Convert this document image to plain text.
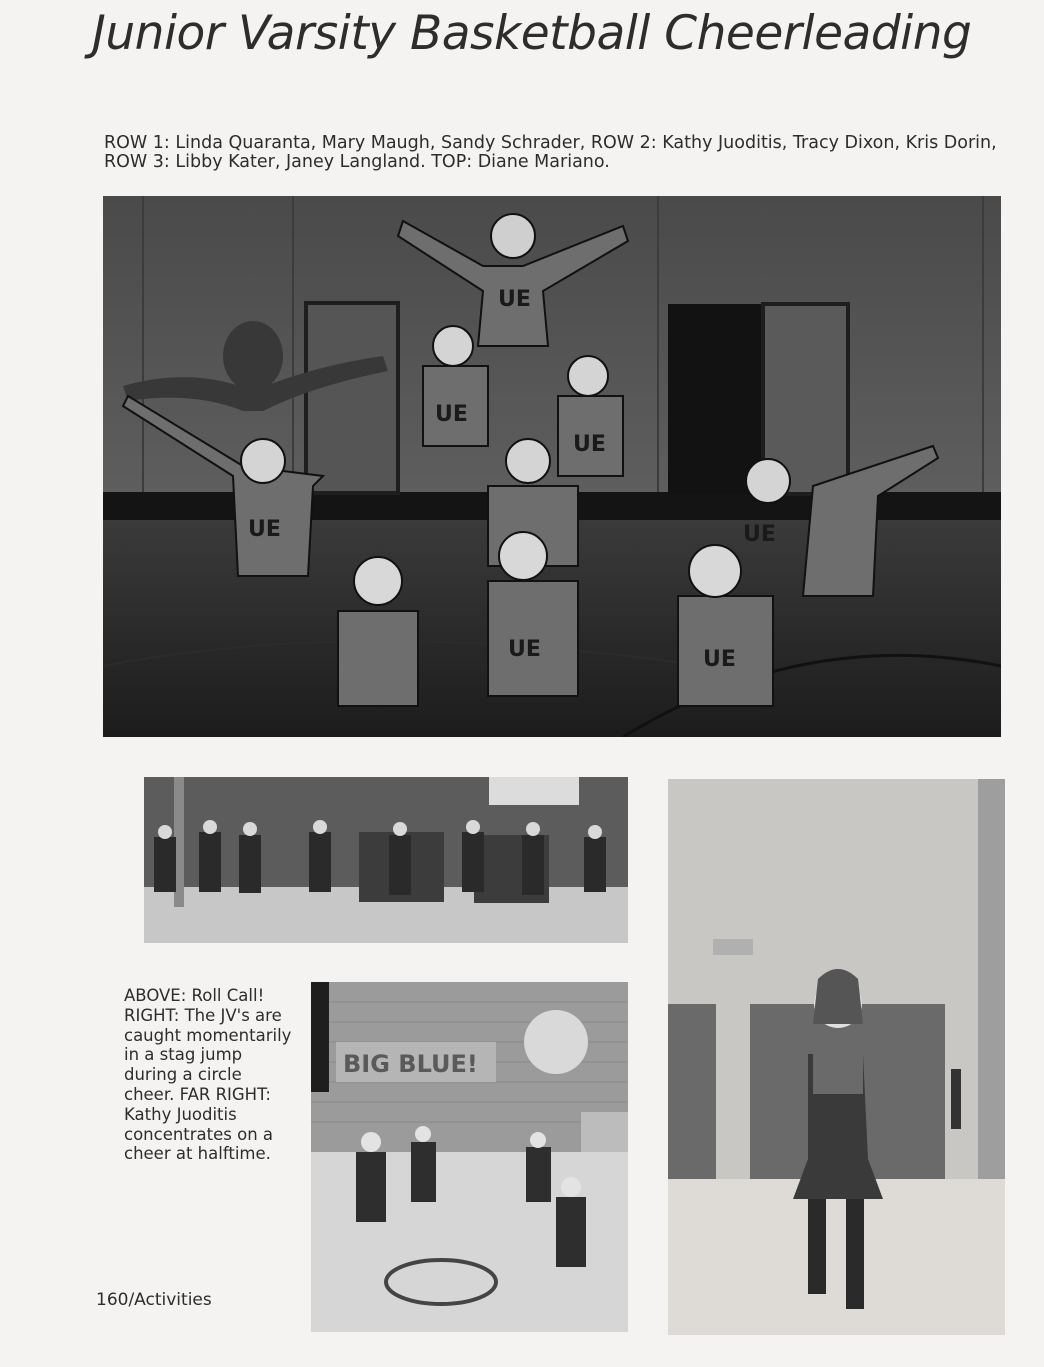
Junior Varsity Basketball Cheerleading

ROW 1: Linda Quaranta, Mary Maugh, Sandy Schrader, ROW 2: Kathy Juoditis, Tracy Dixon, Kris Dorin, ROW 3: Libby Kater, Janey Langland. TOP: Diane Mariano.

UE
UE
UE
UE	UE
UE	UE

ABOVE: Roll Call! RIGHT: The JV's are caught momentarily in a stag jump during a circle cheer. FAR RIGHT: Kathy Juoditis concentrates on a cheer at halftime.

BIG BLUE!

160/Activities
